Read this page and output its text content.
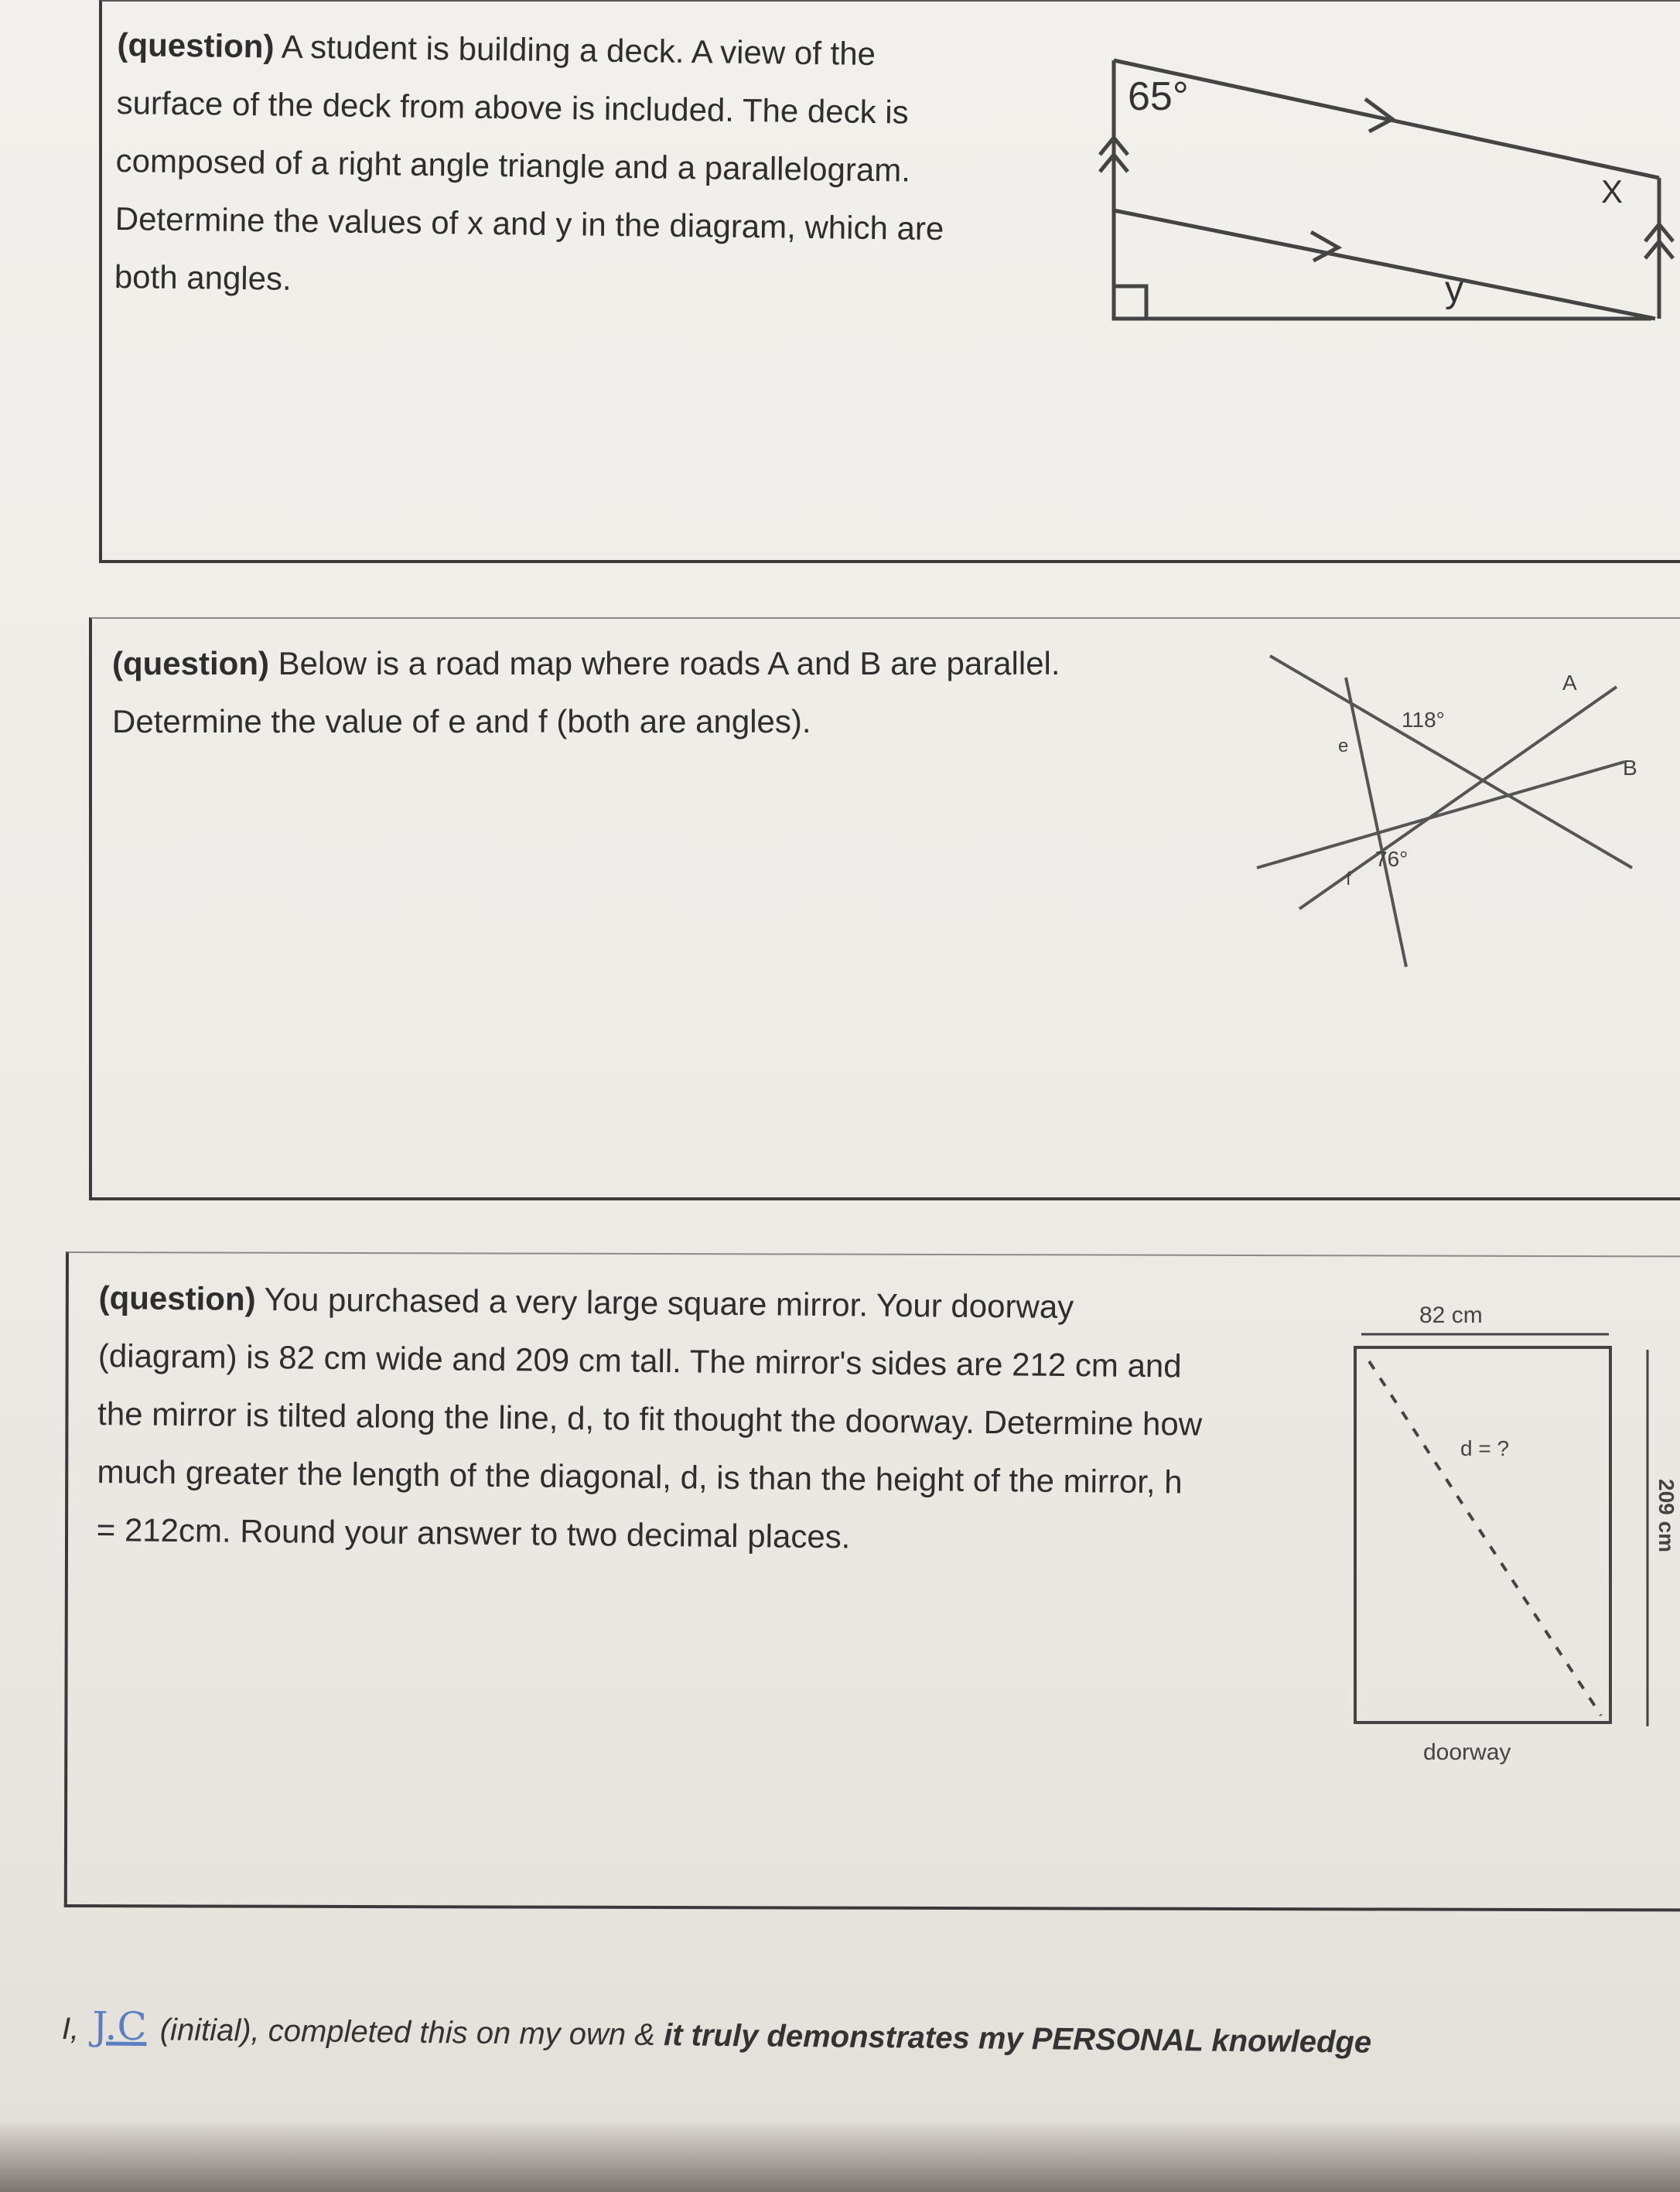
(question) A student is building a deck. A view of the
surface of the deck from above is included. The deck is
composed of a right angle triangle and a parallelogram.
Determine the values of x and y in the diagram, which are
both angles.
65°
X
y
(question) Below is a road map where roads A and B are parallel.
Determine the value of e and f (both are angles).
A
B
118°
76°
e
f
(question) You purchased a very large square mirror. Your doorway
(diagram) is 82 cm wide and 209 cm tall. The mirror's sides are 212 cm and
the mirror is tilted along the line, d, to fit thought the doorway. Determine how
much greater the length of the diagonal, d, is than the height of the mirror, h
= 212cm. Round your answer to two decimal places.
82 cm
d = ?
doorway
209 cm
I, J.C (initial), completed this on my own & it truly demonstrates my PERSONAL knowledge
